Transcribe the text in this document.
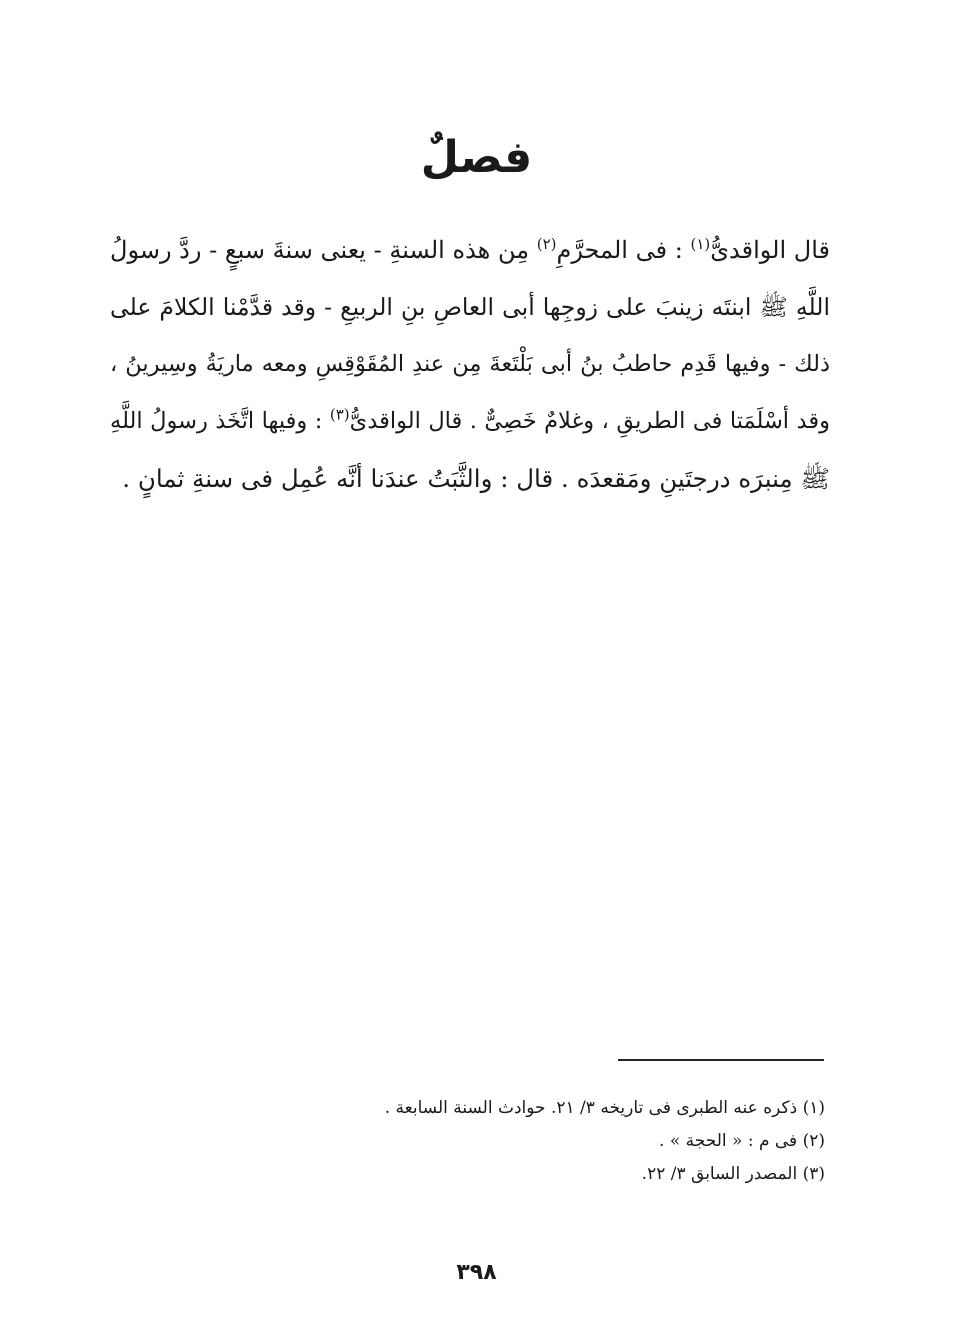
فصلٌ
قال الواقدىُّ$^{(١)}$ : فى المحرَّمِ$^{(٢)}$ مِن هذه السنةِ - يعنى سنةَ سبعٍ - ردَّ رسولُ
اللَّهِ ﷺ ابنتَه زينبَ على زوجِها أبى العاصِ بنِ الربيعِ - وقد قدَّمْنا الكلامَ على
ذلك - وفيها قَدِم حاطبُ بنُ أبى بَلْتَعةَ مِن عندِ المُقَوْقِسِ ومعه ماريَةُ وسِيرينُ ،
وقد أسْلَمَتا فى الطريقِ ، وغلامٌ خَصِىٌّ . قال الواقدىُّ$^{(٣)}$ : وفيها اتَّخَذ رسولُ اللَّهِ
ﷺ مِنبرَه درجتَينِ ومَقعدَه . قال : والثَّبَتُ عندَنا أنَّه عُمِل فى سنةِ ثمانٍ .
(١) ذكره عنه الطبرى فى تاريخه ٣/ ٢١. حوادث السنة السابعة .
(٢) فى م : « الحجة » .
(٣) المصدر السابق ٣/ ٢٢.
٣٩٨
